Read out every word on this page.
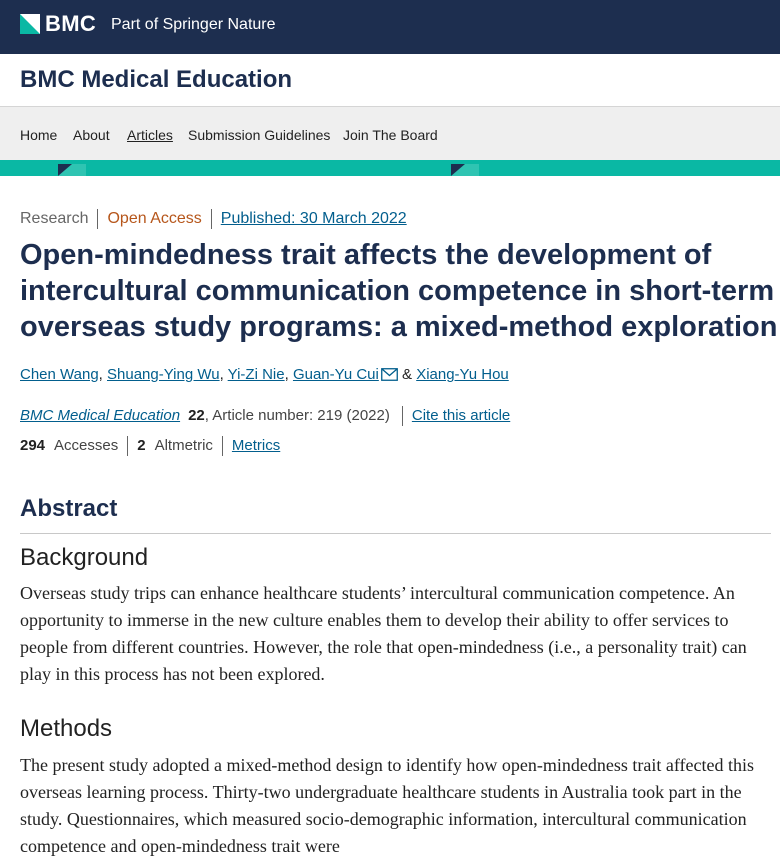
BMC Part of Springer Nature
BMC Medical Education
Home About Articles Submission Guidelines Join The Board
Research Open Access Published: 30 March 2022
Open-mindedness trait affects the development of intercultural communication competence in short-term overseas study programs: a mixed-method exploration
Chen Wang, Shuang-Ying Wu, Yi-Zi Nie, Guan-Yu Cui & Xiang-Yu Hou
BMC Medical Education 22 , Article number: 219 (2022) Cite this article
294 Accesses 2 Altmetric Metrics
Abstract
Background

Overseas study trips can enhance healthcare students’ intercultural communication competence. An opportunity to immerse in the new culture enables them to develop their ability to offer services to people from different countries. However, the role that open-mindedness (i.e., a personality trait) can play in this process has not been explored.

Methods

The present study adopted a mixed-method design to identify how open-mindedness trait affected this overseas learning process. Thirty-two undergraduate healthcare students in Australia took part in the study. Questionnaires, which measured socio-demographic information, intercultural communication competence and open-mindedness trait were
